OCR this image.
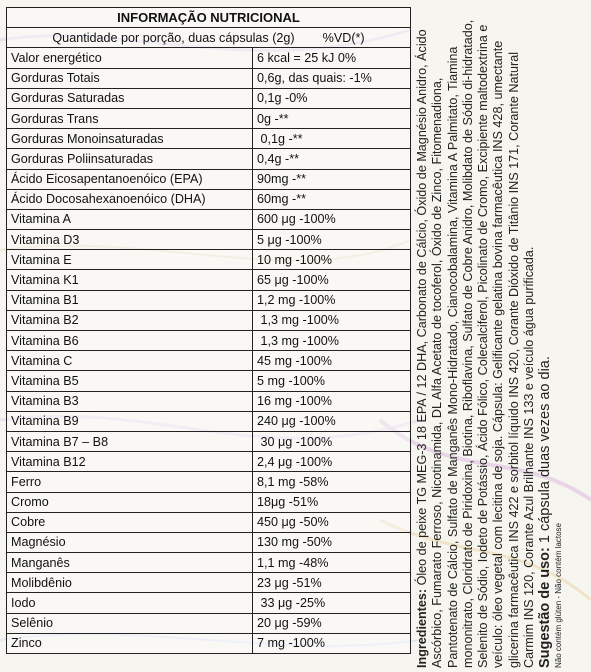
INFORMAÇÃO NUTRICIONAL	
Quantidade por porção, duas cápsulas (2g) %VD(*)	
Valor energético	6 kcal = 25 kJ 0%
Gorduras Totais	0,6g, das quais: -1%
Gorduras Saturadas	0,1g -0%
Gorduras Trans	0g -**
Gorduras Monoinsaturadas	0,1g -**
Gorduras Poliinsaturadas	0,4g -**
Ácido Eicosapentanoenóico (EPA)	90mg -**
Ácido Docosahexanoenóico (DHA)	60mg -**
Vitamina A	600 μg -100%
Vitamina D3	5 μg -100%
Vitamina E	10 mg -100%
Vitamina K1	65 μg -100%
Vitamina B1	1,2 mg -100%
Vitamina B2	1,3 mg -100%
Vitamina B6	1,3 mg -100%
Vitamina C	45 mg -100%
Vitamina B5	5 mg -100%
Vitamina B3	16 mg -100%
Vitamina B9	240 μg -100%
Vitamina B7 – B8	30 μg -100%
Vitamina B12	2,4 μg -100%
Ferro	8,1 mg -58%
Cromo	18μg -51%
Cobre	450 μg -50%
Magnésio	130 mg -50%
Manganês	1,1 mg -48%
Molibdênio	23 μg -51%
Iodo	33 μg -25%
Selênio	20 μg -59%
Zinco	7 mg -100%	Ingredientes: Óleo de peixe TG MEG-3 18 EPA / 12 DHA, Carbonato de Cálcio, Óxido de Magnésio Anidro, Ácido Ascórbico, Fumarato Ferroso, Nicotinamida, DL Alfa Acetato de tocoferol, Óxido de Zinco, Fitomenadiona, Pantotenato de Cálcio, Sulfato de Manganês Mono-Hidratado, Cianocobalamina, Vitamina A Palmitato, Tiamina mononitrato, Cloridrato de Piridoxina, Biotina, Riboflavina, Sulfato de Cobre Anidro, Molibdato de Sódio di-hidratado, Selenito de Sódio, Iodeto de Potássio, Ácido Fólico, Colecalciferol, Picolinato de Cromo, Excipiente maltodextrina e veículo: óleo vegetal com lecitina de soja. Cápsula: Gelificante gelatina bovina farmacêutica INS 428, umectante glicerina farmacêutica INS 422 e sorbitol líquido INS 420, Corante Dióxido de Titânio INS 171, Corante Natural Carmim INS 120, Corante Azul Brilhante INS 133 e veículo água purificada. Sugestão de uso: 1 cápsula duas vezes ao dia.

Não contém glúten - Não contém lactose
